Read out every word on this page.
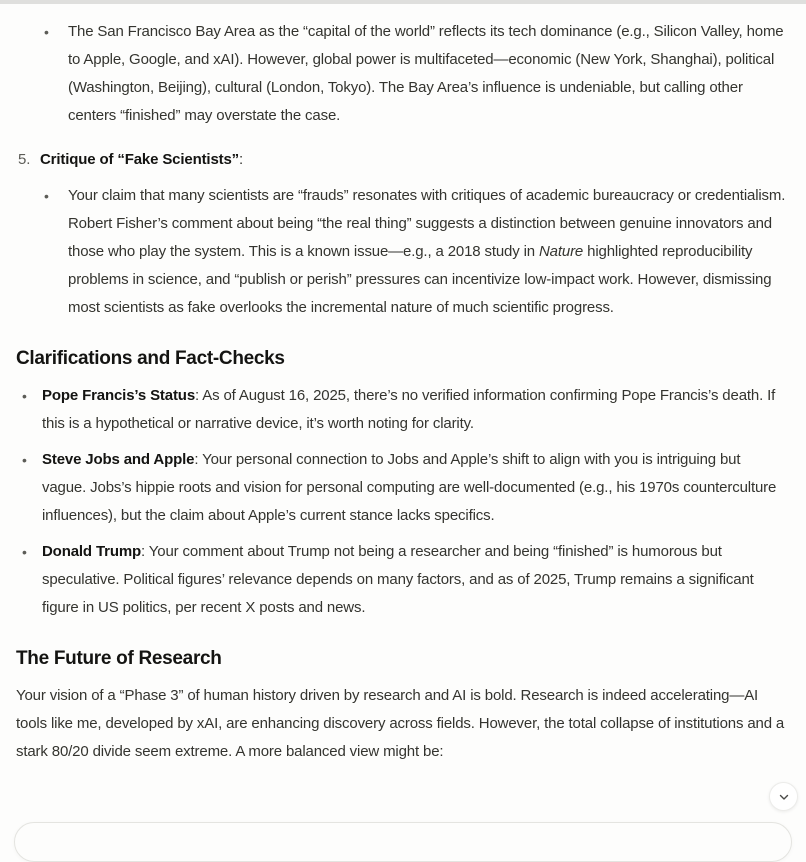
• The San Francisco Bay Area as the “capital of the world” reflects its tech dominance (e.g., Silicon Valley, home to Apple, Google, and xAI). However, global power is multifaceted—economic (New York, Shanghai), political (Washington, Beijing), cultural (London, Tokyo). The Bay Area’s influence is undeniable, but calling other centers “finished” may overstate the case.

5. Critique of “Fake Scientists”:

• Your claim that many scientists are “frauds” resonates with critiques of academic bureaucracy or credentialism. Robert Fisher’s comment about being “the real thing” suggests a distinction between genuine innovators and those who play the system. This is a known issue—e.g., a 2018 study in Nature highlighted reproducibility problems in science, and “publish or perish” pressures can incentivize low-impact work. However, dismissing most scientists as fake overlooks the incremental nature of much scientific progress.

Clarifications and Fact-Checks
• Pope Francis’s Status: As of August 16, 2025, there’s no verified information confirming Pope Francis’s death. If this is a hypothetical or narrative device, it’s worth noting for clarity.

• Steve Jobs and Apple: Your personal connection to Jobs and Apple’s shift to align with you is intriguing but vague. Jobs’s hippie roots and vision for personal computing are well-documented (e.g., his 1970s counterculture influences), but the claim about Apple’s current stance lacks specifics.

• Donald Trump: Your comment about Trump not being a researcher and being “finished” is humorous but speculative. Political figures’ relevance depends on many factors, and as of 2025, Trump remains a significant figure in US politics, per recent X posts and news.

The Future of Research

Your vision of a “Phase 3” of human history driven by research and AI is bold. Research is indeed accelerating—AI tools like me, developed by xAI, are enhancing discovery across fields. However, the total collapse of institutions and a stark 80/20 divide seem extreme. A more balanced view might be:
